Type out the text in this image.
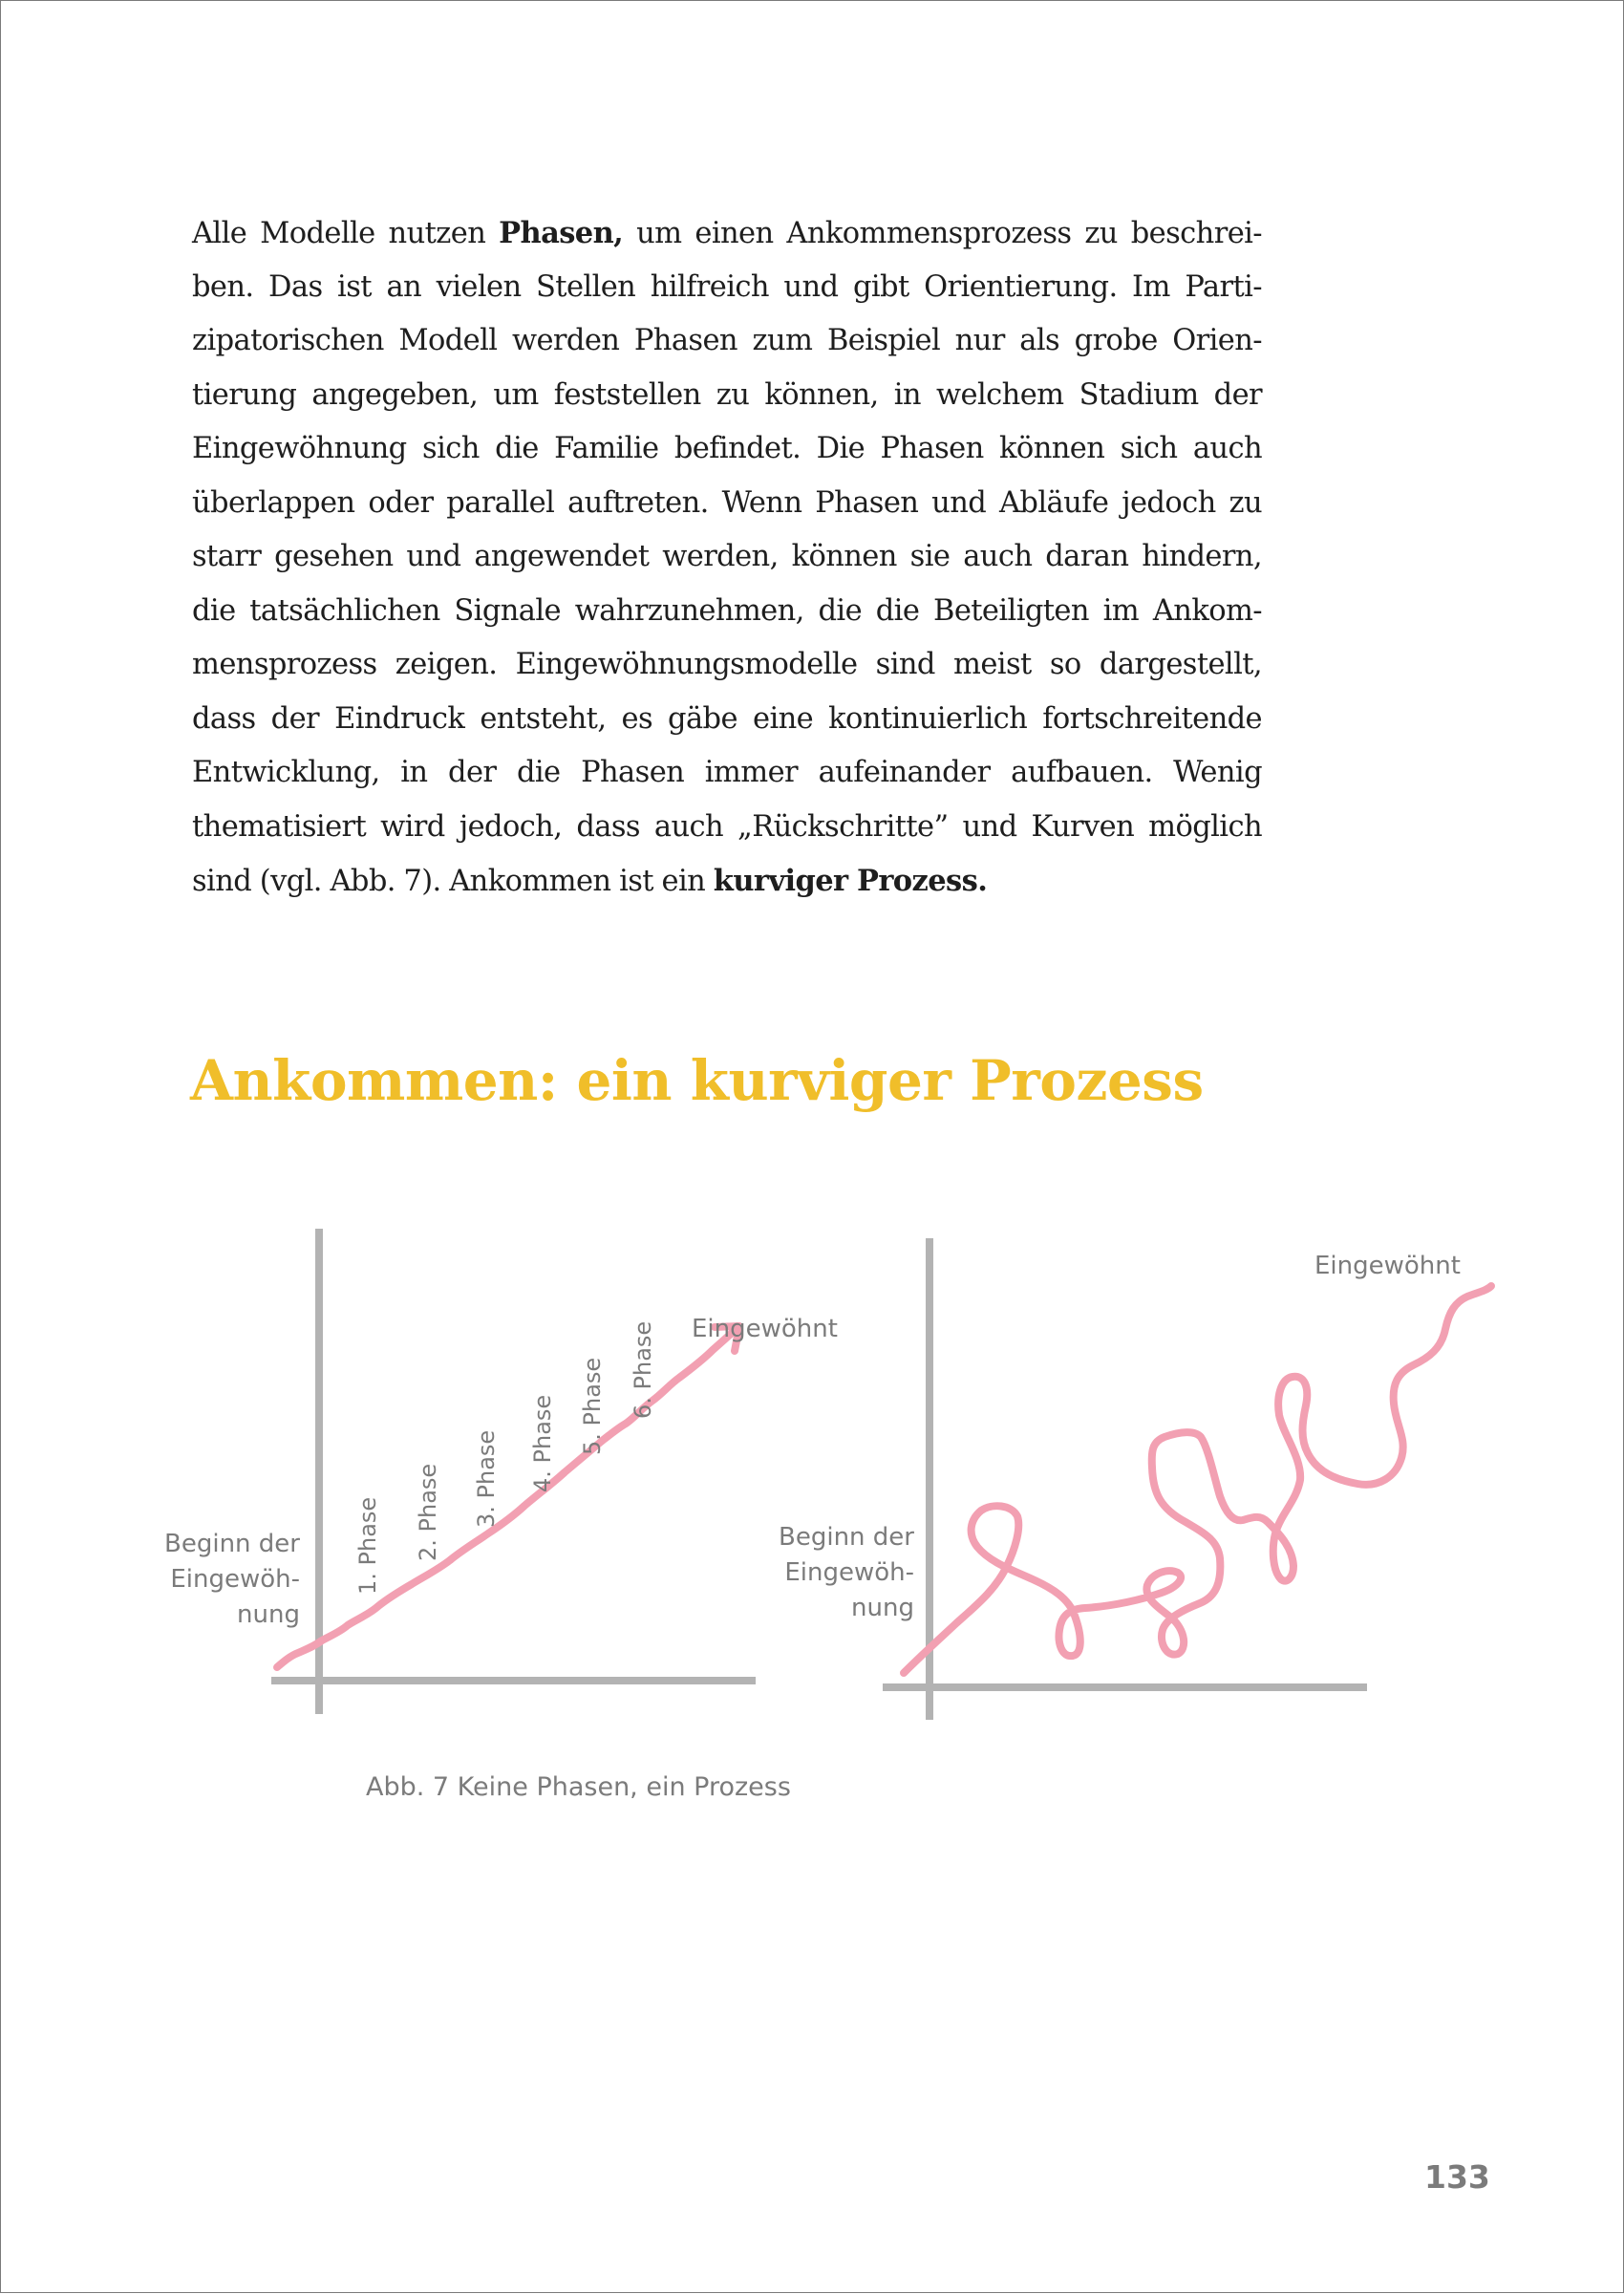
Alle Modelle nutzen Phasen, um einen Ankommensprozess zu beschrei-
ben. Das ist an vielen Stellen hilfreich und gibt Orientierung. Im Parti-
zipatorischen Modell werden Phasen zum Beispiel nur als grobe Orien-
tierung angegeben, um feststellen zu können, in welchem Stadium der
Eingewöhnung sich die Familie befindet. Die Phasen können sich auch
überlappen oder parallel auftreten. Wenn Phasen und Abläufe jedoch zu
starr gesehen und angewendet werden, können sie auch daran hindern,
die tatsächlichen Signale wahrzunehmen, die die Beteiligten im Ankom-
mensprozess zeigen. Eingewöhnungsmodelle sind meist so dargestellt,
dass der Eindruck entsteht, es gäbe eine kontinuierlich fortschreitende
Entwicklung, in der die Phasen immer aufeinander aufbauen. Wenig
thematisiert wird jedoch, dass auch „Rückschritte” und Kurven möglich
sind (vgl. Abb. 7). Ankommen ist ein kurviger Prozess.
Ankommen: ein kurviger Prozess
Beginn der
Eingewöh-
nung
Eingewöhnt
1. Phase 2. Phase 3. Phase 4. Phase 5. Phase 6. Phase
Beginn der
Eingewöh-
nung
Eingewöhnt
Abb. 7 Keine Phasen, ein Prozess
133
